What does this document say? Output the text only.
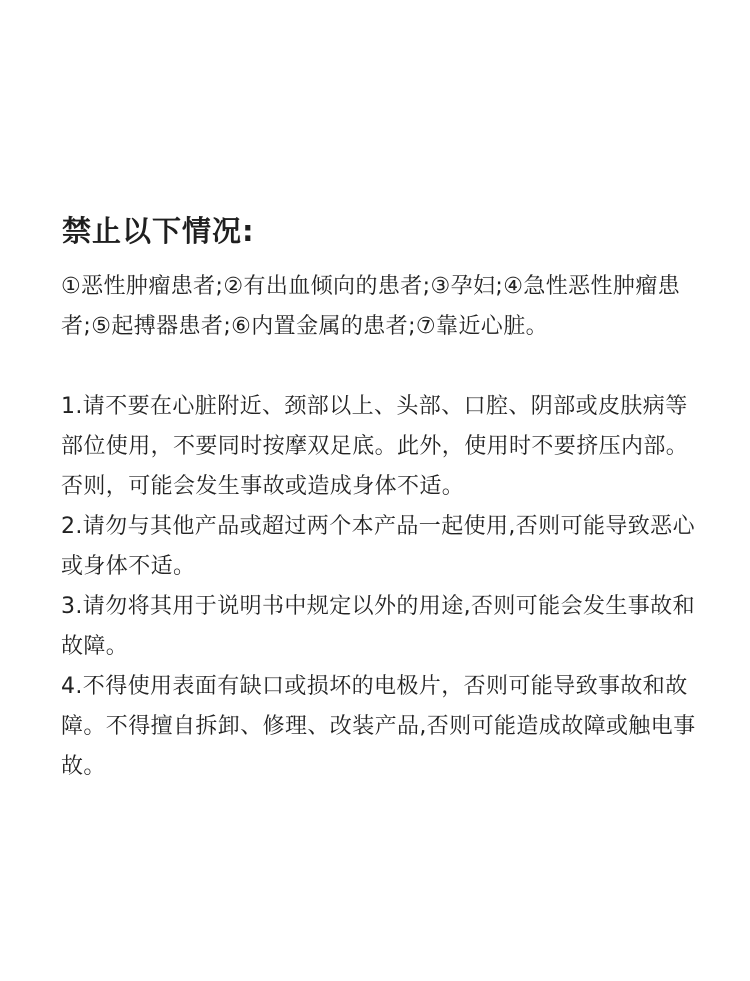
禁止以下情况:

①恶性肿瘤患者;②有出血倾向的患者;③孕妇;④急性恶性肿瘤患者;⑤起搏器患者;⑥内置金属的患者;⑦靠近心脏。

1.请不要在心脏附近、颈部以上、头部、口腔、阴部或皮肤病等部位使用，不要同时按摩双足底。此外，使用时不要挤压内部。否则，可能会发生事故或造成身体不适。
2.请勿与其他产品或超过两个本产品一起使用,否则可能导致恶心或身体不适。
3.请勿将其用于说明书中规定以外的用途,否则可能会发生事故和故障。
4.不得使用表面有缺口或损坏的电极片，否则可能导致事故和故障。不得擅自拆卸、修理、改装产品,否则可能造成故障或触电事故。
